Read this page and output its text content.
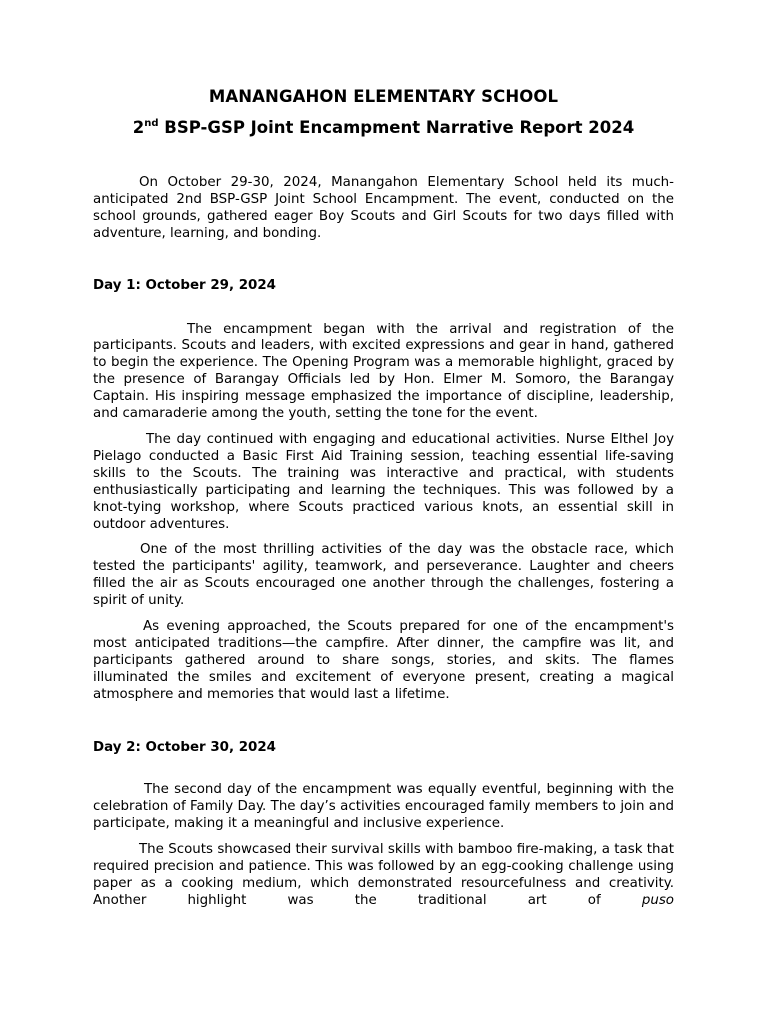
MANANGAHON ELEMENTARY SCHOOL
2nd BSP-GSP Joint Encampment Narrative Report 2024

On October 29-30, 2024, Manangahon Elementary School held its much-anticipated 2nd BSP-GSP Joint School Encampment. The event, conducted on the school grounds, gathered eager Boy Scouts and Girl Scouts for two days filled with adventure, learning, and bonding.

Day 1: October 29, 2024

The encampment began with the arrival and registration of the participants. Scouts and leaders, with excited expressions and gear in hand, gathered to begin the experience. The Opening Program was a memorable highlight, graced by the presence of Barangay Officials led by Hon. Elmer M. Somoro, the Barangay Captain. His inspiring message emphasized the importance of discipline, leadership, and camaraderie among the youth, setting the tone for the event.

The day continued with engaging and educational activities. Nurse Elthel Joy Pielago conducted a Basic First Aid Training session, teaching essential life-saving skills to the Scouts. The training was interactive and practical, with students enthusiastically participating and learning the techniques. This was followed by a knot-tying workshop, where Scouts practiced various knots, an essential skill in outdoor adventures.

One of the most thrilling activities of the day was the obstacle race, which tested the participants' agility, teamwork, and perseverance. Laughter and cheers filled the air as Scouts encouraged one another through the challenges, fostering a spirit of unity.

As evening approached, the Scouts prepared for one of the encampment's most anticipated traditions—the campfire. After dinner, the campfire was lit, and participants gathered around to share songs, stories, and skits. The flames illuminated the smiles and excitement of everyone present, creating a magical atmosphere and memories that would last a lifetime.

Day 2: October 30, 2024

The second day of the encampment was equally eventful, beginning with the celebration of Family Day. The day’s activities encouraged family members to join and participate, making it a meaningful and inclusive experience.

The Scouts showcased their survival skills with bamboo fire-making, a task that required precision and patience. This was followed by an egg-cooking challenge using paper as a cooking medium, which demonstrated resourcefulness and creativity. Another highlight was the traditional art of puso
